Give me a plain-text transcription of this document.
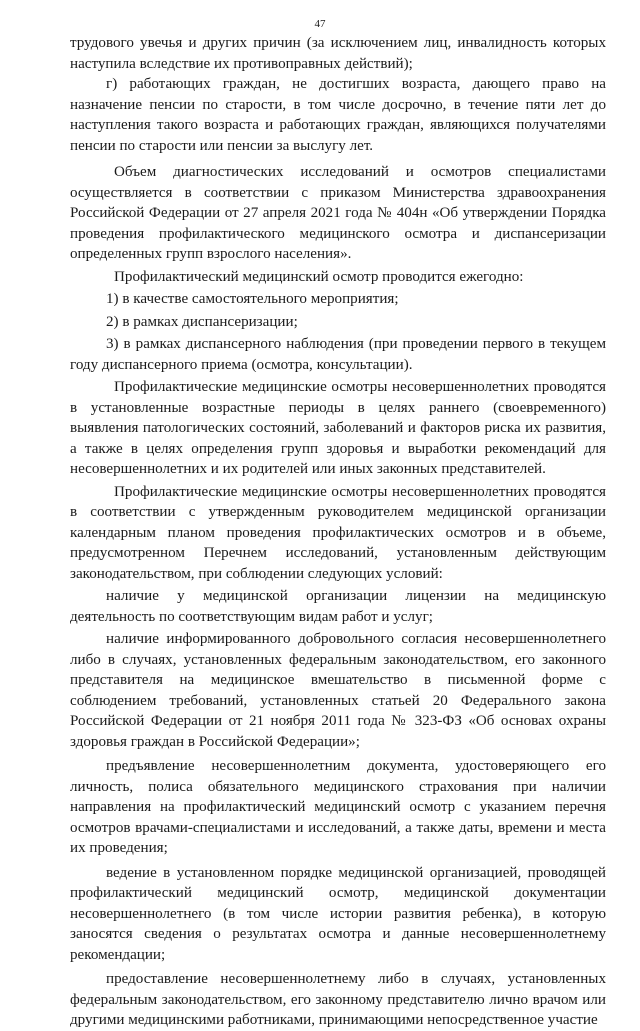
47

трудового увечья и других причин (за исключением лиц, инвалидность которых наступила вследствие их противоправных действий);

г) работающих граждан, не достигших возраста, дающего право на назначение пенсии по старости, в том числе досрочно, в течение пяти лет до наступления такого возраста и работающих граждан, являющихся получателями пенсии по старости или пенсии за выслугу лет.

Объем диагностических исследований и осмотров специалистами осуществляется в соответствии с приказом Министерства здравоохранения Российской Федерации от 27 апреля 2021 года № 404н «Об утверждении Порядка проведения профилактического медицинского осмотра и диспансеризации определенных групп взрослого населения».

Профилактический медицинский осмотр проводится ежегодно:

1) в качестве самостоятельного мероприятия;

2) в рамках диспансеризации;

3) в рамках диспансерного наблюдения (при проведении первого в текущем году диспансерного приема (осмотра, консультации).

Профилактические медицинские осмотры несовершеннолетних проводятся в установленные возрастные периоды в целях раннего (своевременного) выявления патологических состояний, заболеваний и факторов риска их развития, а также в целях определения групп здоровья и выработки рекомендаций для несовершеннолетних и их родителей или иных законных представителей.

Профилактические медицинские осмотры несовершеннолетних проводятся в соответствии с утвержденным руководителем медицинской организации календарным планом проведения профилактических осмотров и в объеме, предусмотренном Перечнем исследований, установленным действующим законодательством, при соблюдении следующих условий:

наличие у медицинской организации лицензии на медицинскую деятельность по соответствующим видам работ и услуг;

наличие информированного добровольного согласия несовершеннолетнего либо в случаях, установленных федеральным законодательством, его законного представителя на медицинское вмешательство в письменной форме с соблюдением требований, установленных статьей 20 Федерального закона Российской Федерации от 21 ноября 2011 года № 323-ФЗ «Об основах охраны здоровья граждан в Российской Федерации»;

предъявление несовершеннолетним документа, удостоверяющего его личность, полиса обязательного медицинского страхования при наличии направления на профилактический медицинский осмотр с указанием перечня осмотров врачами-специалистами и исследований, а также даты, времени и места их проведения;

ведение в установленном порядке медицинской организацией, проводящей профилактический медицинский осмотр, медицинской документации несовершеннолетнего (в том числе истории развития ребенка), в которую заносятся сведения о результатах осмотра и данные несовершеннолетнему рекомендации;

предоставление несовершеннолетнему либо в случаях, установленных федеральным законодательством, его законному представителю лично врачом или другими медицинскими работниками, принимающими непосредственное участие
